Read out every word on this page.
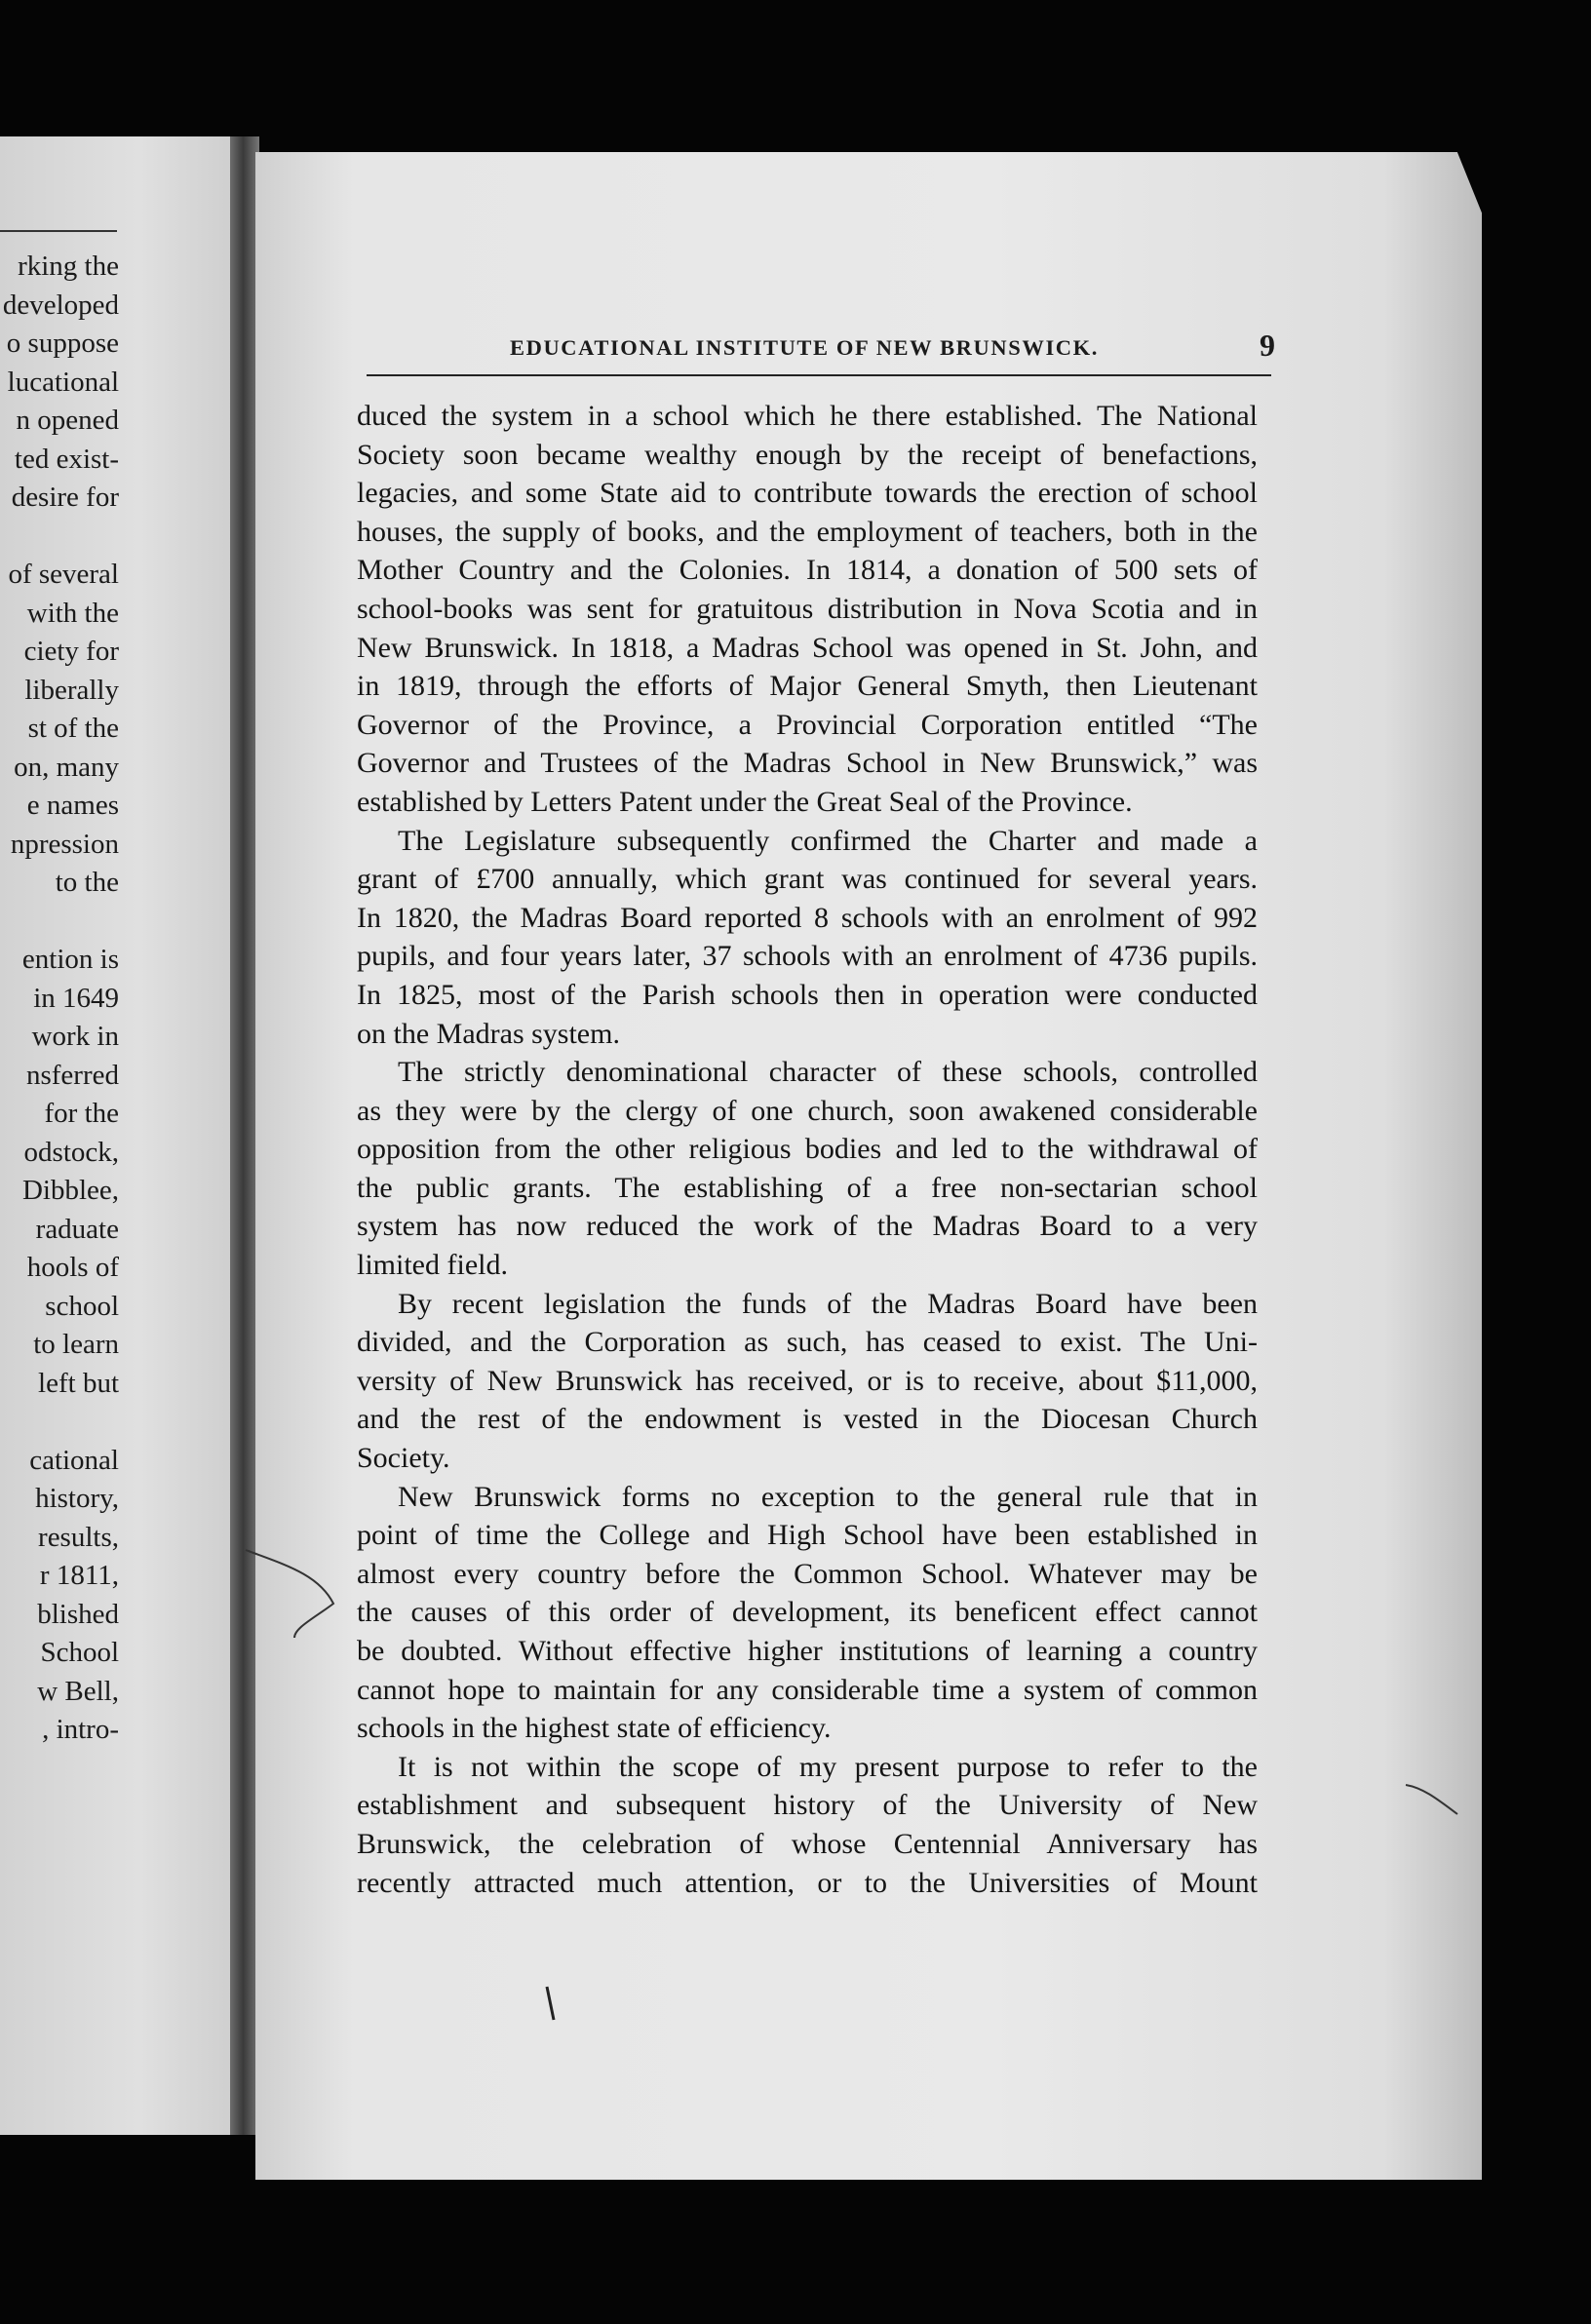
rking the
developed
o suppose
lucational
n opened
ted exist-
desire for
of several
with the
ciety for
liberally
st of the
on, many
e names
npression
to the
ention is
in 1649
work in
nsferred
for the
odstock,
Dibblee,
raduate
hools of
school
to learn
left but
cational
history,
results,
r 1811,
blished
School
w Bell,
, intro-
EDUCATIONAL INSTITUTE OF NEW BRUNSWICK.	9
duced the system in a school which he there established. The National
Society soon became wealthy enough by the receipt of benefactions,
legacies, and some State aid to contribute towards the erection of school
houses, the supply of books, and the employment of teachers, both in the
Mother Country and the Colonies. In 1814, a donation of 500 sets of
school-books was sent for gratuitous distribution in Nova Scotia and in
New Brunswick. In 1818, a Madras School was opened in St. John, and
in 1819, through the efforts of Major General Smyth, then Lieutenant
Governor of the Province, a Provincial Corporation entitled “The
Governor and Trustees of the Madras School in New Brunswick,” was
established by Letters Patent under the Great Seal of the Province.
The Legislature subsequently confirmed the Charter and made a
grant of £700 annually, which grant was continued for several years.
In 1820, the Madras Board reported 8 schools with an enrolment of 992
pupils, and four years later, 37 schools with an enrolment of 4736 pupils.
In 1825, most of the Parish schools then in operation were conducted
on the Madras system.
The strictly denominational character of these schools, controlled
as they were by the clergy of one church, soon awakened considerable
opposition from the other religious bodies and led to the withdrawal of
the public grants. The establishing of a free non-sectarian school
system has now reduced the work of the Madras Board to a very
limited field.
By recent legislation the funds of the Madras Board have been
divided, and the Corporation as such, has ceased to exist. The Uni-
versity of New Brunswick has received, or is to receive, about $11,000,
and the rest of the endowment is vested in the Diocesan Church
Society.
New Brunswick forms no exception to the general rule that in
point of time the College and High School have been established in
almost every country before the Common School. Whatever may be
the causes of this order of development, its beneficent effect cannot
be doubted. Without effective higher institutions of learning a country
cannot hope to maintain for any considerable time a system of common
schools in the highest state of efficiency.
It is not within the scope of my present purpose to refer to the
establishment and subsequent history of the University of New
Brunswick, the celebration of whose Centennial Anniversary has
recently attracted much attention, or to the Universities of Mount
